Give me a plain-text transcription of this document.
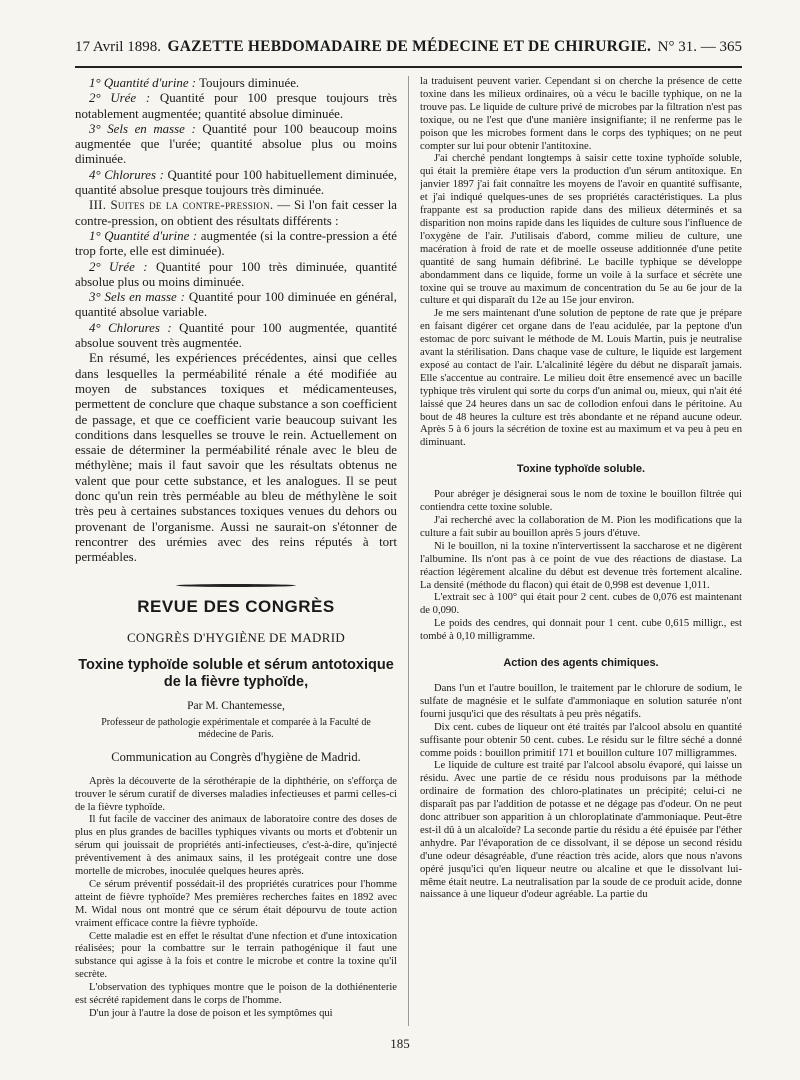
17 Avril 1898. GAZETTE HEBDOMADAIRE DE MÉDECINE ET DE CHIRURGIE. N° 31. — 365

1° Quantité d'urine : Toujours diminuée.

2° Urée : Quantité pour 100 presque toujours très notablement augmentée; quantité absolue diminuée.

3° Sels en masse : Quantité pour 100 beaucoup moins augmentée que l'urée; quantité absolue plus ou moins diminuée.

4° Chlorures : Quantité pour 100 habituellement diminuée, quantité absolue presque toujours très diminuée.

III. Suites de la contre-pression. — Si l'on fait cesser la contre-pression, on obtient des résultats différents :

1° Quantité d'urine : augmentée (si la contre-pression a été trop forte, elle est diminuée).

2° Urée : Quantité pour 100 très diminuée, quantité absolue plus ou moins diminuée.

3° Sels en masse : Quantité pour 100 diminuée en général, quantité absolue variable.

4° Chlorures : Quantité pour 100 augmentée, quantité absolue souvent très augmentée.

En résumé, les expériences précédentes, ainsi que celles dans lesquelles la perméabilité rénale a été modifiée au moyen de substances toxiques et médicamenteuses, permettent de conclure que chaque substance a son coefficient de passage, et que ce coefficient varie beaucoup suivant les conditions dans lesquelles se trouve le rein. Actuellement on essaie de déterminer la perméabilité rénale avec le bleu de méthylène; mais il faut savoir que les résultats obtenus ne valent que pour cette substance, et les analogues. Il se peut donc qu'un rein très perméable au bleu de méthylène le soit très peu à certaines substances toxiques venues du dehors ou provenant de l'organisme. Aussi ne saurait-on s'étonner de rencontrer des urémies avec des reins réputés à tort perméables.

REVUE DES CONGRÈS
CONGRÈS D'HYGIÈNE DE MADRID
Toxine typhoïde soluble et sérum antotoxique de la fièvre typhoïde,
Par M. Chantemesse,
Professeur de pathologie expérimentale et comparée à la Faculté de médecine de Paris.
Communication au Congrès d'hygiène de Madrid.

Après la découverte de la sérothérapie de la diphthérie, on s'efforça de trouver le sérum curatif de diverses maladies infectieuses et parmi celles-ci de la fièvre typhoïde.

Il fut facile de vacciner des animaux de laboratoire contre des doses de plus en plus grandes de bacilles typhiques vivants ou morts et d'obtenir un sérum qui jouissait de propriétés anti-infectieuses, c'est-à-dire, qu'injecté préventivement à des animaux sains, il les protégeait contre une dose mortelle de microbes, inoculée quelques heures après.

Ce sérum préventif possédait-il des propriétés curatrices pour l'homme atteint de fièvre typhoïde? Mes premières recherches faites en 1892 avec M. Widal nous ont montré que ce sérum était dépourvu de toute action vraiment efficace contre la fièvre typhoïde.

Cette maladie est en effet le résultat d'une nfection et d'une intoxication réalisées; pour la combattre sur le terrain pathogénique il faut une substance qui agisse à la fois et contre le microbe et contre la toxine qu'il secrète.

L'observation des typhiques montre que le poison de la dothiénenterie est sécrété rapidement dans le corps de l'homme.

D'un jour à l'autre la dose de poison et les symptômes qui

la traduisent peuvent varier. Cependant si on cherche la présence de cette toxine dans les milieux ordinaires, où a vécu le bacille typhique, on ne la trouve pas. Le liquide de culture privé de microbes par la filtration n'est pas toxique, ou ne l'est que d'une manière insignifiante; il ne renferme pas le poison que les microbes forment dans le corps des typhiques; on ne peut compter sur lui pour obtenir l'antitoxine.

J'ai cherché pendant longtemps à saisir cette toxine typhoïde soluble, qui était la première étape vers la production d'un sérum antitoxique. En janvier 1897 j'ai fait connaître les moyens de l'avoir en quantité suffisante, et j'ai indiqué quelques-unes de ses propriétés caractéristiques. La plus frappante est sa production rapide dans des milieux déterminés et sa disparition non moins rapide dans les liquides de culture sous l'influence de l'oxygène de l'air. J'utilisais d'abord, comme milieu de culture, une macération à froid de rate et de moelle osseuse additionnée d'une petite quantité de sang humain défibriné. Le bacille typhique se développe abondamment dans ce liquide, forme un voile à la surface et sécrète une toxine qui se trouve au maximum de concentration du 5e au 6e jour de la culture et qui disparaît du 12e au 15e jour environ.

Je me sers maintenant d'une solution de peptone de rate que je prépare en faisant digérer cet organe dans de l'eau acidulée, par la peptone d'un estomac de porc suivant le méthode de M. Louis Martin, puis je neutralise avant la stérilisation. Dans chaque vase de culture, le liquide est largement exposé au contact de l'air. L'alcalinité légère du début ne disparaît jamais. Elle s'accentue au contraire. Le milieu doit être ensemencé avec un bacille typhique très virulent qui sorte du corps d'un animal ou, mieux, qui n'ait été laissé que 24 heures dans un sac de collodion enfoui dans le péritoine. Au bout de 48 heures la culture est très abondante et ne répand aucune odeur. Après 5 à 6 jours la sécrétion de toxine est au maximum et va peu à peu en diminuant.

Toxine typhoïde soluble.

Pour abréger je désignerai sous le nom de toxine le bouillon filtrée qui contiendra cette toxine soluble.

J'ai recherché avec la collaboration de M. Pion les modifications que la culture a fait subir au bouillon après 5 jours d'étuve.

Ni le bouillon, ni la toxine n'intervertissent la saccharose et ne digèrent l'albumine. Ils n'ont pas à ce point de vue des réactions de diastase. La réaction légèrement alcaline du début est devenue très fortement alcaline. La densité (méthode du flacon) qui était de 0,998 est devenue 1,011.

L'extrait sec à 100° qui était pour 2 cent. cubes de 0,076 est maintenant de 0,090.

Le poids des cendres, qui donnait pour 1 cent. cube 0,615 milligr., est tombé à 0,10 milligramme.

Action des agents chimiques.

Dans l'un et l'autre bouillon, le traitement par le chlorure de sodium, le sulfate de magnésie et le sulfate d'ammoniaque en solution saturée n'ont fourni jusqu'ici que des résultats à peu près négatifs.

Dix cent. cubes de liqueur ont été traités par l'alcool absolu en quantité suffisante pour obtenir 50 cent. cubes. Le résidu sur le filtre séché a donné comme poids : bouillon primitif 171 et bouillon culture 107 milligrammes.

Le liquide de culture est traité par l'alcool absolu évaporé, qui laisse un résidu. Avec une partie de ce résidu nous produisons par la méthode ordinaire de formation des chloro-platinates un précipité; celui-ci ne disparaît pas par l'addition de potasse et ne dégage pas d'odeur. On ne peut donc attribuer son apparition à un chloroplatinate d'ammoniaque. Peut-être est-il dû à un alcaloïde? La seconde partie du résidu a été épuisée par l'éther anhydre. Par l'évaporation de ce dissolvant, il se dépose un second résidu d'une odeur désagréable, d'une réaction très acide, alors que nous n'avons opéré jusqu'ici qu'en liqueur neutre ou alcaline et que le dissolvant lui-même était neutre. La neutralisation par la soude de ce produit acide, donne naissance à une liqueur d'odeur agréable. La partie du

185
